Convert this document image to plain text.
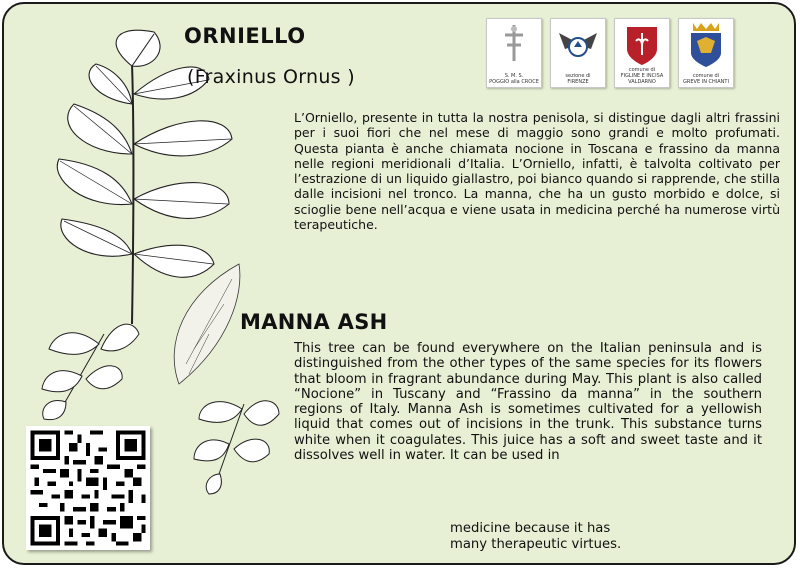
ORNIELLO
(Fraxinus Ornus )	S. M. S.
POGGIO alla CROCE
sezione di
FIRENZE
comune di
FIGLINE E INCISA
VALDARNO
comune di
GREVE IN CHIANTI
L’Orniello, presente in tutta la nostra penisola, si distingue dagli altri frassini per i suoi fiori che nel mese di maggio sono grandi e molto profumati. Questa pianta è anche chiamata nocione in Toscana e frassino da manna nelle regioni meridionali d’Italia. L’Orniello, infatti, è talvolta coltivato per l’estrazione di un liquido giallastro, poi bianco quando si rapprende, che stilla dalle incisioni nel tronco. La manna, che ha un gusto morbido e dolce, si scioglie bene nell’acqua e viene usata in medicina perché ha numerose virtù terapeutiche.
MANNA ASH
This tree can be found everywhere on the Italian peninsula and is distinguished from the other types of the same species for its flowers that bloom in fragrant abundance during May. This plant is also called “Nocione” in Tuscany and “Frassino da manna” in the southern regions of Italy. Manna Ash is sometimes cultivated for a yellowish liquid that comes out of incisions in the trunk. This substance turns white when it coagulates. This juice has a soft and sweet taste and it dissolves well in water. It can be used in
medicine because it has many therapeutic virtues.
